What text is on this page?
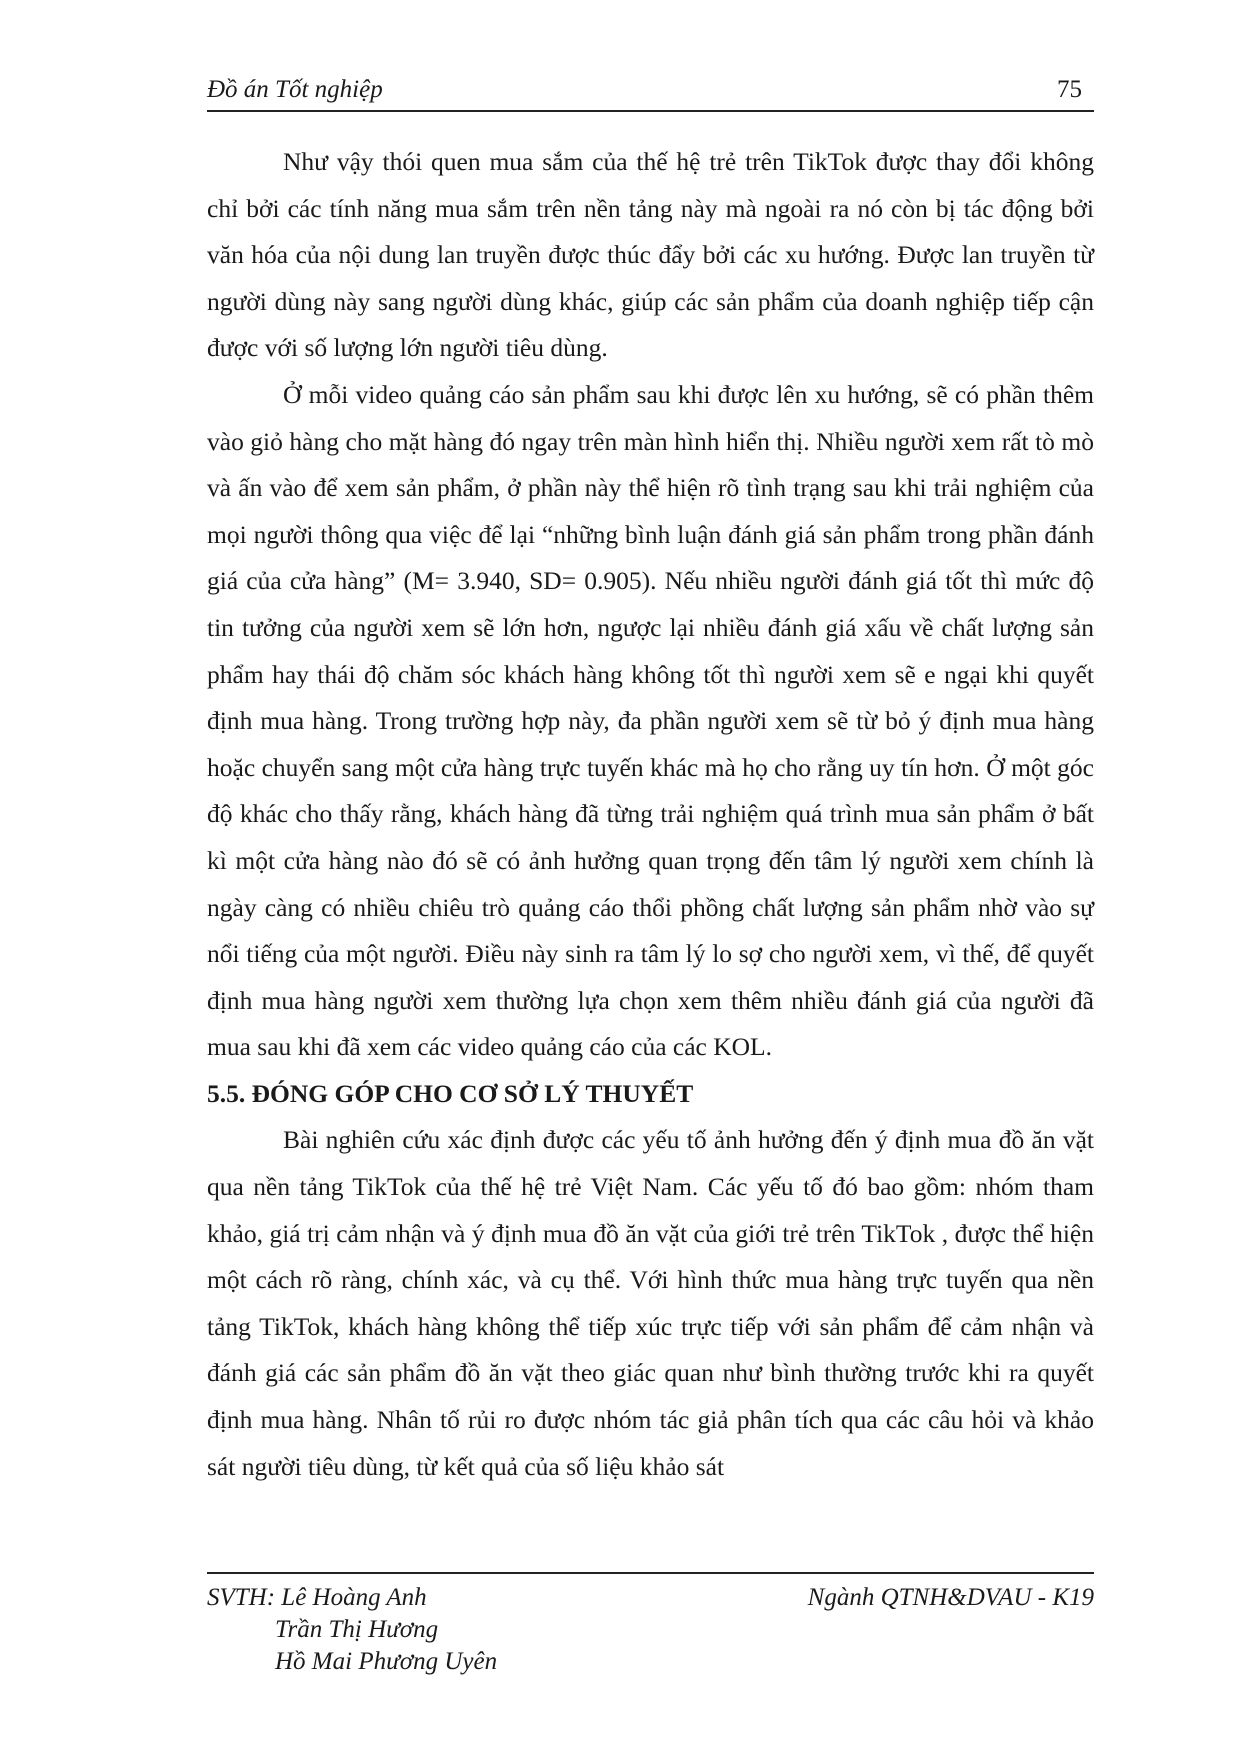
Đồ án Tốt nghiệp	75

Như vậy thói quen mua sắm của thế hệ trẻ trên TikTok được thay đổi không chỉ bởi các tính năng mua sắm trên nền tảng này mà ngoài ra nó còn bị tác động bởi văn hóa của nội dung lan truyền được thúc đẩy bởi các xu hướng. Được lan truyền từ người dùng này sang người dùng khác, giúp các sản phẩm của doanh nghiệp tiếp cận được với số lượng lớn người tiêu dùng.

Ở mỗi video quảng cáo sản phẩm sau khi được lên xu hướng, sẽ có phần thêm vào giỏ hàng cho mặt hàng đó ngay trên màn hình hiển thị. Nhiều người xem rất tò mò và ấn vào để xem sản phẩm, ở phần này thể hiện rõ tình trạng sau khi trải nghiệm của mọi người thông qua việc để lại “những bình luận đánh giá sản phẩm trong phần đánh giá của cửa hàng” (M= 3.940, SD= 0.905). Nếu nhiều người đánh giá tốt thì mức độ tin tưởng của người xem sẽ lớn hơn, ngược lại nhiều đánh giá xấu về chất lượng sản phẩm hay thái độ chăm sóc khách hàng không tốt thì người xem sẽ e ngại khi quyết định mua hàng. Trong trường hợp này, đa phần người xem sẽ từ bỏ ý định mua hàng hoặc chuyển sang một cửa hàng trực tuyến khác mà họ cho rằng uy tín hơn. Ở một góc độ khác cho thấy rằng, khách hàng đã từng trải nghiệm quá trình mua sản phẩm ở bất kì một cửa hàng nào đó sẽ có ảnh hưởng quan trọng đến tâm lý người xem chính là ngày càng có nhiều chiêu trò quảng cáo thổi phồng chất lượng sản phẩm nhờ vào sự nổi tiếng của một người. Điều này sinh ra tâm lý lo sợ cho người xem, vì thế, để quyết định mua hàng người xem thường lựa chọn xem thêm nhiều đánh giá của người đã mua sau khi đã xem các video quảng cáo của các KOL.

5.5. ĐÓNG GÓP CHO CƠ SỞ LÝ THUYẾT

Bài nghiên cứu xác định được các yếu tố ảnh hưởng đến ý định mua đồ ăn vặt qua nền tảng TikTok của thế hệ trẻ Việt Nam. Các yếu tố đó bao gồm: nhóm tham khảo, giá trị cảm nhận và ý định mua đồ ăn vặt của giới trẻ trên TikTok , được thể hiện một cách rõ ràng, chính xác, và cụ thể. Với hình thức mua hàng trực tuyến qua nền tảng TikTok, khách hàng không thể tiếp xúc trực tiếp với sản phẩm để cảm nhận và đánh giá các sản phẩm đồ ăn vặt theo giác quan như bình thường trước khi ra quyết định mua hàng. Nhân tố rủi ro được nhóm tác giả phân tích qua các câu hỏi và khảo sát người tiêu dùng, từ kết quả của số liệu khảo sát

SVTH: Lê Hoàng Anh
Trần Thị Hương
Hồ Mai Phương Uyên
Ngành QTNH&DVAU - K19
